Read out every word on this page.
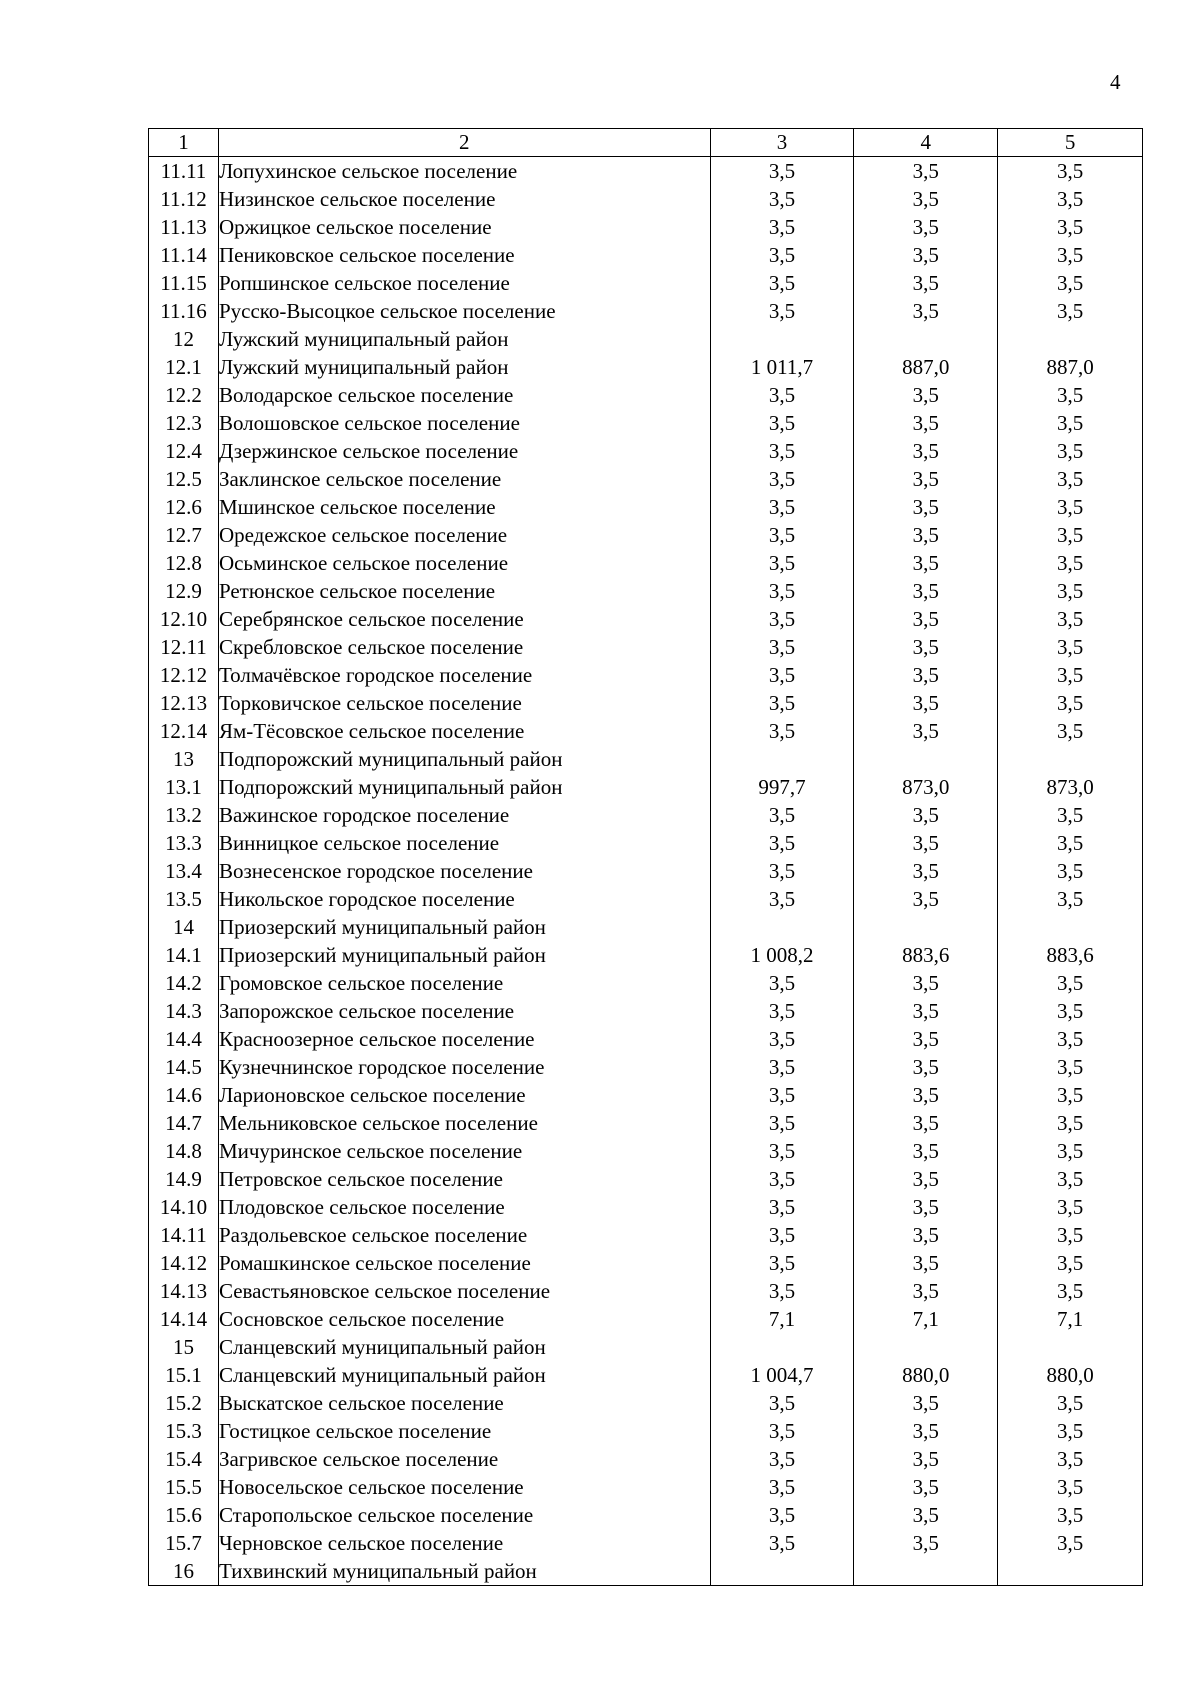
4
1	2	3	4	5
11.11	Лопухинское сельское поселение	3,5	3,5	3,5
11.12	Низинское сельское поселение	3,5	3,5	3,5
11.13	Оржицкое сельское поселение	3,5	3,5	3,5
11.14	Пениковское сельское поселение	3,5	3,5	3,5
11.15	Ропшинское сельское поселение	3,5	3,5	3,5
11.16	Русско-Высоцкое сельское поселение	3,5	3,5	3,5
12	Лужский муниципальный район			
12.1	Лужский муниципальный район	1 011,7	887,0	887,0
12.2	Володарское сельское поселение	3,5	3,5	3,5
12.3	Волошовское сельское поселение	3,5	3,5	3,5
12.4	Дзержинское сельское поселение	3,5	3,5	3,5
12.5	Заклинское сельское поселение	3,5	3,5	3,5
12.6	Мшинское сельское поселение	3,5	3,5	3,5
12.7	Оредежское сельское поселение	3,5	3,5	3,5
12.8	Осьминское сельское поселение	3,5	3,5	3,5
12.9	Ретюнское сельское поселение	3,5	3,5	3,5
12.10	Серебрянское сельское поселение	3,5	3,5	3,5
12.11	Скребловское сельское поселение	3,5	3,5	3,5
12.12	Толмачёвское городское поселение	3,5	3,5	3,5
12.13	Торковичское сельское поселение	3,5	3,5	3,5
12.14	Ям-Тёсовское сельское поселение	3,5	3,5	3,5
13	Подпорожский муниципальный район			
13.1	Подпорожский муниципальный район	997,7	873,0	873,0
13.2	Важинское городское поселение	3,5	3,5	3,5
13.3	Винницкое сельское поселение	3,5	3,5	3,5
13.4	Вознесенское городское поселение	3,5	3,5	3,5
13.5	Никольское городское поселение	3,5	3,5	3,5
14	Приозерский муниципальный район			
14.1	Приозерский муниципальный район	1 008,2	883,6	883,6
14.2	Громовское сельское поселение	3,5	3,5	3,5
14.3	Запорожское сельское поселение	3,5	3,5	3,5
14.4	Красноозерное сельское поселение	3,5	3,5	3,5
14.5	Кузнечнинское городское поселение	3,5	3,5	3,5
14.6	Ларионовское сельское поселение	3,5	3,5	3,5
14.7	Мельниковское сельское поселение	3,5	3,5	3,5
14.8	Мичуринское сельское поселение	3,5	3,5	3,5
14.9	Петровское сельское поселение	3,5	3,5	3,5
14.10	Плодовское сельское поселение	3,5	3,5	3,5
14.11	Раздольевское сельское поселение	3,5	3,5	3,5
14.12	Ромашкинское сельское поселение	3,5	3,5	3,5
14.13	Севастьяновское сельское поселение	3,5	3,5	3,5
14.14	Сосновское сельское поселение	7,1	7,1	7,1
15	Сланцевский муниципальный район			
15.1	Сланцевский муниципальный район	1 004,7	880,0	880,0
15.2	Выскатское сельское поселение	3,5	3,5	3,5
15.3	Гостицкое сельское поселение	3,5	3,5	3,5
15.4	Загривское сельское поселение	3,5	3,5	3,5
15.5	Новосельское сельское поселение	3,5	3,5	3,5
15.6	Старопольское сельское поселение	3,5	3,5	3,5
15.7	Черновское сельское поселение	3,5	3,5	3,5
16	Тихвинский муниципальный район			
